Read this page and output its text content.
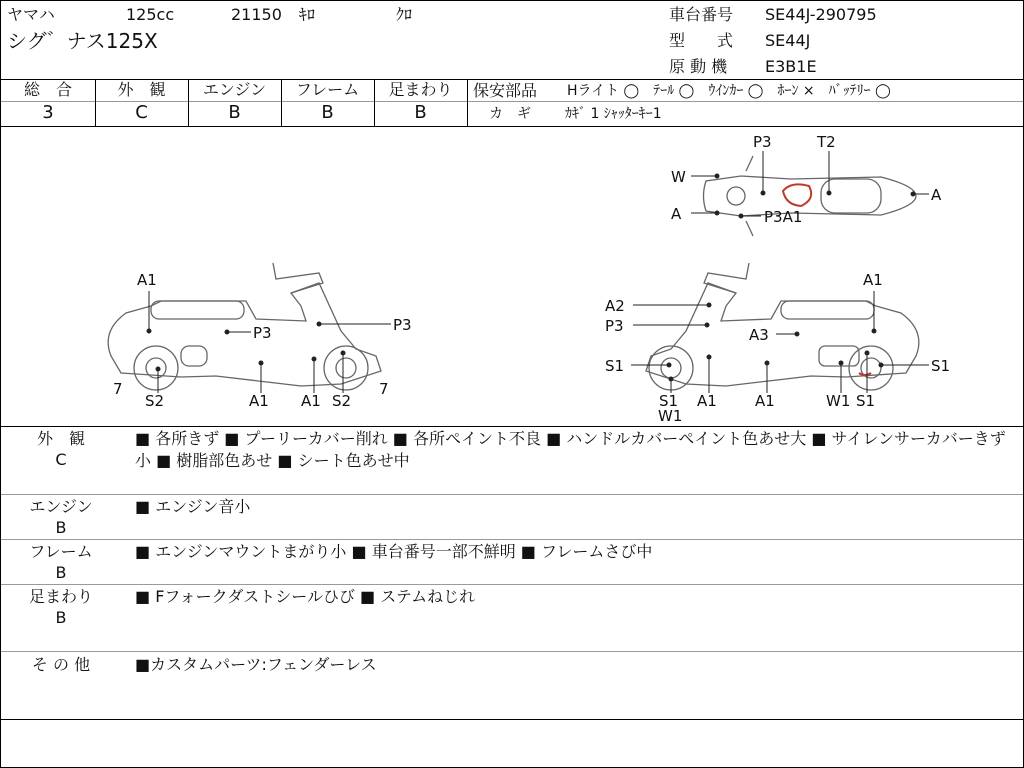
ヤマハ	125cc	21150 ｷﾛ	ｸﾛ
シグ゛ナス125X
車台番号 SE44J-290795
型　　式 SE44J
原 動 機 E3B1E
総　合
3
外　観
C
エンジン
B
フレーム
B
足まわり
B
保安部品 Hライト ◯　ﾃｰﾙ ◯　ｳｲﾝｶｰ ◯　ﾎｰﾝ ×　ﾊﾞｯﾃﾘｰ ◯
カ　ギ ｶｷﾞ 1 ｼｬｯﾀｰｷｰ1
A1
P3	P3
7
S2	A1 A1 S2
7
A2
P3	A3
A1
S1
S1
S1
W1
A1	A1	W1 S1
P3	T2
W
A
A	P3A1
外　観
C
■ 各所きず ■ プーリーカバー削れ ■ 各所ペイント不良 ■ ハンドルカバーペイント色あせ大 ■ サイレンサーカバーきず小 ■ 樹脂部色あせ ■ シート色あせ中
エンジン
B
■ エンジン音小
フレーム
B
■ エンジンマウントまがり小 ■ 車台番号一部不鮮明 ■ フレームさび中
足まわり
B
■ Fフォークダストシールひび ■ ステムねじれ
そ の 他	■カスタムパーツ:フェンダーレス
